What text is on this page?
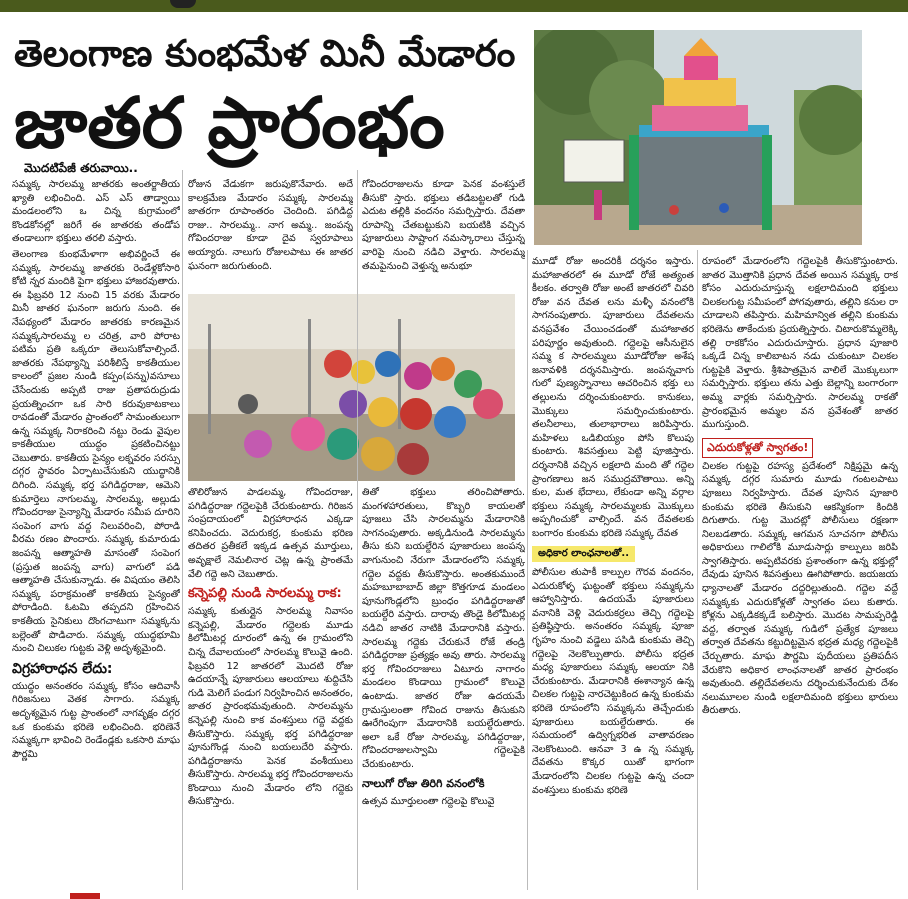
తెలంగాణ కుంభమేళ మినీ మేడారం
జాతర ప్రారంభం
మొదటిపేజీ తరువాయి..

సమ్మక్క సారలమ్మ జాతరకు అంతర్జాతీయ ఖ్యాతి లభించింది. ఎస్ ఎస్ తాడ్వాయి మండలంలోని ఒ చిన్న కుగ్రామంలో కొండకోనల్లో జరిగే ఈ జాతరకు తండోప తండాలుగా భక్తులు తరలి వస్తారు.

తెలంగాణ కుంభమేళాగా అభివర్ణించే ఈ సమ్మక్క సారలమ్మ జాతరకు రెండేళ్లకోసారి కోటి న్నర మందికి పైగా భక్తులు హాజరవుతారు. ఈ ఫిబ్రవరి 12 నుంచి 15 వరకు మేడారం మినీ జాతర ఘనంగా జరుగు నుంది. ఈ నేపథ్యంలో మేడారం జాతరకు కారణమైన సమ్మక్కసారలమ్మ ల చరిత్ర, వారి పోరాట పటిమ ప్రతి ఒక్కరూ తెలుసుకోవాల్సిందే. జాతరకు నేపథ్యాన్ని పరిశీలిస్తే కాకతీయుల కాలంలో ప్రజల నుండి కప్పం(పన్ను)వసూలు చేసేందుకు అప్పటి రాజు ప్రతాపరుద్రుడు ప్రయత్నించగా ఒక సారి కరువుకాటకాలు రావడంతో మేడారం ప్రాంతంలో సామంతులుగా ఉన్న సమ్మక్క నిరాకరించి నట్టు రెండు వైపుల కాకతీయుల యుద్ధం ప్రకటించినట్టు చెబుతారు. కాకతీయ సైన్యం లక్నవరం సరస్సు దగ్గర స్థావరం ఏర్పాటుచేసుకుని యుద్ధానికి దిగింది. సమ్మక్క భర్త పగిడిద్దరాజు, ఆమెని కుమార్తెలు నాగులమ్మ, సారలమ్మ, అల్లుడు గోవిందరాజు సైన్యాన్ని మేడారం సమీప దూరిని సంపెంగ వాగు వద్ద నిలువరించి, పోరాడి వీరమ రణం పొందారు. సమ్మక్క కుమారుడు జంపన్న ఆత్మాహతి మాసంతో సంపెంగ (ప్రస్తుత జంపన్న వాగు) వాగులో పడి ఆత్మాహతి చేసుకున్నాడు. ఈ విషయం తెలిసి సమ్మక్క పరాక్రమంతో కాకతీయ సైన్యంతో పోరాడింది. ఓటమి తప్పదని గ్రహించిన కాకతీయ సైనికులు దొంగచాటుగా సమ్మక్కను బల్లెంతో పొడిచారు. సమ్మక్క యుద్ధభూమి నుంచి చిలుకల గుట్టకు వెళ్లి అదృశ్యమైంది.

విగ్రహారాధన లేదు:

యుద్ధం అనంతరం సమ్మక్క కోసం ఆదివాసీ గిరిజనులు వెతక సాగారు. సమ్మక్క అదృశ్యమైన గుట్ట ప్రాంతంలో నాగవృక్షం దగ్గర ఒక కుంకుమ భరిణె లభించింది. భరిణెనే సమ్మక్కగా భావించి రెండేండ్లకు ఒకసారి మాఘ పౌర్ణమి

రోజున వేడుకగా జరుపుకొనేవారు. అదే కాలక్రమేణ మేడారం సమ్మక్క సారలమ్మ జాతరగా రూపాంతరం చెందింది. పగిడిద్ద రాజు.. సారలమ్మ.. నాగ అమ్మ.. జంపన్న గోవిందరాజు కూడా దైవ స్వరూపాలు అయ్యారు. నాలుగు రోజులపాటు ఈ జాతర ఘనంగా జరుగుతుంది.

గోవిందరాజులను కూడా పెనక వంశస్తులే తీసుకొ స్తారు. భక్తులు తడిబట్టలతో గుడి ఎదుట తల్లికి వందనం సమర్పిస్తారు. దేవతా రూపాన్ని చేతబట్టుకుని బయటికి వచ్చిన పూజారులు సాష్టాంగ నమస్కారాలు చేస్తున్న వారిపై నుంచి నడిచి వెళ్తారు. సారలమ్మ తమపైనుంచి వెళ్తున్న అనుభూ

తొలిరోజున పాడలమ్మ, గోవిందరాజు, పగిడిద్దరాజు గద్దెలపైకి చేరుకుంటారు. గిరిజన సంప్రదాయంలో విగ్రహారాధన ఎక్కడా కనిపించదు. వెదురుకర్ర, కుంకుమ భరిణ తదితర ప్రతీకలే ఇక్కడ ఉత్సవ మూర్తులు, అవృక్షాలే నెమలినార చెట్ల ఉన్న ప్రాంతమే వేలి గద్దె అని చెబుతారు.

కన్నెపల్లి నుండి సారలమ్మ రాక:

సమ్మక్క కుతుర్లైన సారలమ్మ నివాసం కన్నెపల్లి, మేడారం గద్దెలకు మూడు కిలోమీటర్ల దూరంలో ఉన్న ఈ గ్రామంలోని చిన్న దేవాలయంలో సారలమ్మ కొలువై ఉంది. ఫిబ్రవరి 12 జాతరలో మొదటి రోజు ఉదయాన్నే పూజారులు ఆలయాలు శుద్దిచేసి గుడి మెలిగే పండుగ నిర్వహించిన అనంతరం, జాతర ప్రారంభమవుతుంది. సారలమ్మను కన్నెపల్లి నుంచి కాక వంశస్తులు గద్దె వద్దకు తీసుకొస్తారు. సమ్మక్క భర్త పగిడిద్దరాజు పూనుగొండ్ల నుంచి బయలుదేరి వస్తారు. పగిడిద్దరాజును పెనక వంశీయులు తీసుకొస్తారు. సారలమ్మ భర్త గోవిందరాజులను కొండాయి నుంచి మేడారం లోని గద్దెకు తీసుకొస్తారు.

తితో భక్తులు తరించిపోతారు. మంగళహారతులు, కొబ్బరి కాయలతో పూజలు చేసి సారలమ్మను మేడారానికి సాగనంపుతారు. అక్కడినుండి సారలమ్మను తీసు కుని బయల్దేరిన పూజారులు జంపన్న వాగునుంచి నేరుగా మేడారంలోని సమ్మక్క గద్దెల వద్దకు తీసుకొస్తారు. అంతకుముందే మహబూబాబాద్ జిల్లా కొత్తగూడ మండలం పూనుగొండ్లలోని బ్రుంధం పగిడిద్దరాజుతో బయల్దేరి వస్తారు. దారావు తొండై కిలోమీటర్ల నడిచి జాతర నాటికి మేడారానికి వస్తారు. సారలమ్మ గద్దెకు చేరుకునే రోజే తండ్రి పగిడిద్దరాజు ప్రత్యక్షం అవు తారు. సారలమ్మ భర్త గోవిందరాజులు ఏటూరు నాగారం మండలం కొండాయి గ్రామంలో కొలువై ఉంటాడు. జాతర రోజు ఉదయమే గ్రామస్తులంతా గోవింద రాజును తీసుకుని ఊరేగింపుగా మేడారానికి బయల్దేరుతారు. అలా ఒకే రోజు సారలమ్మ, పగిడిద్దరాజు, గోవిందరాజులస్వామి గద్దెలపైకి చేరుకుంటారు.

నాలుగో రోజు తిరిగి వనంలోకి

ఉత్సవ మూర్తులంతా గద్దెలపై కొలువై

మూడో రోజు అందరికీ దర్శనం ఇస్తారు. మహాజాతరలో ఈ మూడో రోజే అత్యంత కీలకం. తర్వాతి రోజు అంటే జాతరలో చివరి రోజు వన దేవత లను మళ్ళీ వనంలోకి సాగనంపుతారు. పూజారులు దేవతలను వనప్రవేశం చేయించడంతో మహాజాతర పరిపూర్ణం అవుతుంది. గద్దెలపై ఆసీనులైన సమ్మ క సారలమ్మలు మూడోరోజు అశేష జనావళికి దర్శనమిస్తారు. జంపన్నవాగు గులో పుణ్యస్నానాలు ఆచరించిన భక్తు లు తల్లులను దర్శించుకుంటారు. కానుకలు, మొక్కులు సమర్పించుకుంటారు. తలనీలాలు, తులాభారాలు జరిపిస్తారు. మహిళలు ఒడిబియ్యం పోసి కొలుపు కుంటారు. శివసత్తులు పెట్టి పూజిస్తారు. దర్శనానికి వచ్చిన లక్షలాది మంది తో గద్దెల ప్రాంగణాలు జన సముద్రమౌతాయి. అన్ని కుల, మత భేదాలు, లేకుండా అన్ని వర్గాల భక్తులు సమ్మక్క సారలమ్మలకు మొక్కులు అప్పగించుకో వాల్సిందే. వన దేవతలకు బంగారం కుంకుమ భరిణె సమ్మక్క దేవత

అధికార లాంఛనాలతో..

పోలీసుల తుపాకీ కాల్పుల గౌరవ వందనం, ఎదురుకోళ్ళ ఘట్టంతో భక్తులు సమ్మక్కను ఆహ్వానిస్తారు. ఉదయమే పూజారులు వనానికి వెళ్లి వెదురుకర్రలు తెచ్చి గద్దెలపై ప్రతిష్ఠిస్తారు. అనంతరం సమ్మక్క పూజా గృహం నుంచి వడ్డెలు పసిడి కుంకుమ తెచ్చి గద్దెలపై నెలకొల్పుతారు. పోలీసు భద్రత మధ్య పూజారులు సమ్మక్క ఆలయా నికి చేరుకుంటారు. మేడారానికి ఈశాన్యాన ఉన్న చిలకల గుట్టపై నారచెట్టుకింద ఉన్న కుంకుమ భరిణె రూపంలోని సమ్మక్కను తెచ్చేందుకు పూజారులు బయల్దేరుతారు. ఈ సమయంలో ఉద్విగ్నభరిత వాతావరణం నెలకొంటుంది. ఆనవా 3 ఉ న్న సమ్మక్క దేవతను కొక్కర యితో భాగంగా మేడారంలోని చిలకల గుట్టపై ఉన్న చందా వంశస్తులు కుంకుమ భరిణె

రూపంలో మేడారంలోని గద్దెలపైకి తీసుకొస్తుంటారు. జాతర మొత్తానికి ప్రధాన దేవత అయిన సమ్మక్క రాక కోసం ఎదురుచూస్తున్న లక్షలాదిమంది భక్తులు చిలకలగుట్ట సమీపంలో పోగవుతారు, తల్లిని కనుల రా చూడాలని తపిస్తారు. మహిమాన్విత తల్లిని కుంకుమ భరిణెను తాకేందుకు ప్రయత్నిస్తారు. చిటారుకొమ్మలెక్కి తల్లి రాకకోసం ఎదురుచూస్తారు. ప్రధాన పూజారి ఒక్కడే చిన్న కాలిబాటన నడు చుకుంటూ చిలకల గుట్టపైకి వెళ్తారు. శ్రీశిపాత్రమైన వాలిలే మొక్కులుగా సమర్పిస్తారు. భక్తులు తను ఎత్తు బెల్లాన్ని బంగారంగా అమ్మ వార్లకు సమర్పిస్తారు. సారలమ్మ రాకతో ప్రారంభమైన అమ్మల వన ప్రవేశంతో జాతర ముగుస్తుంది.

ఎదురుకోళ్లతో స్వాగతం!

చిలకల గుట్టపై రహస్య ప్రదేశంలో నిక్షిప్తమై ఉన్న సమ్మక్క దగ్గర సుమారు మూడు గంటలపాటు పూజలు నిర్వహిస్తారు. దేవత పూనిన పూజారి కుంకుమ భరిణె తీసుకుని ఆకస్మికంగా కిందికి దిగుతారు. గుట్ట మొదట్లో పోలీసులు రక్షణగా నిలబడతారు. సమ్మక్క ఆగమన సూచనగా పోలీసు అధికారులు గాలిలోకి మూడుసార్లు కాల్పులు జరిపి స్వాగతిస్తారు. అప్పటివరకు ప్రశాంతంగా ఉన్న భక్తుల్లో దేవుడు పూనిన శివసత్తులు ఊగిపోతారు. జయజయ ధ్యానాలతో మేడారం దద్దరిల్లుతుంది. గద్దెల వద్దే సమ్మక్కకు ఎదురుకోళ్లతో స్వాగతం పలు కుతారు. కోళ్లను ఎక్కడికక్కడే బలిస్తారు. మొదట సామప్పరెడ్డి వద్ద, తర్వాత సమ్మక్క గుడిలో ప్రత్యేక పూజలు తర్వాత దేవతను కట్టుదిట్టమైన భద్రత మధ్య గద్దెలపైకి చేర్చుతారు. మాఘ పౌర్ణమి పుదీయలు ప్రతిపదీస వేరుకొని అధికార లాంఛనాలతో జాతర ప్రారంభం అవుతుంది. తల్లిదేవతలను దర్శించుకునేందుకు దేశం నలుమూలల నుండి లక్షలాదిమంది భక్తులు భారులు తీరుతారు.
